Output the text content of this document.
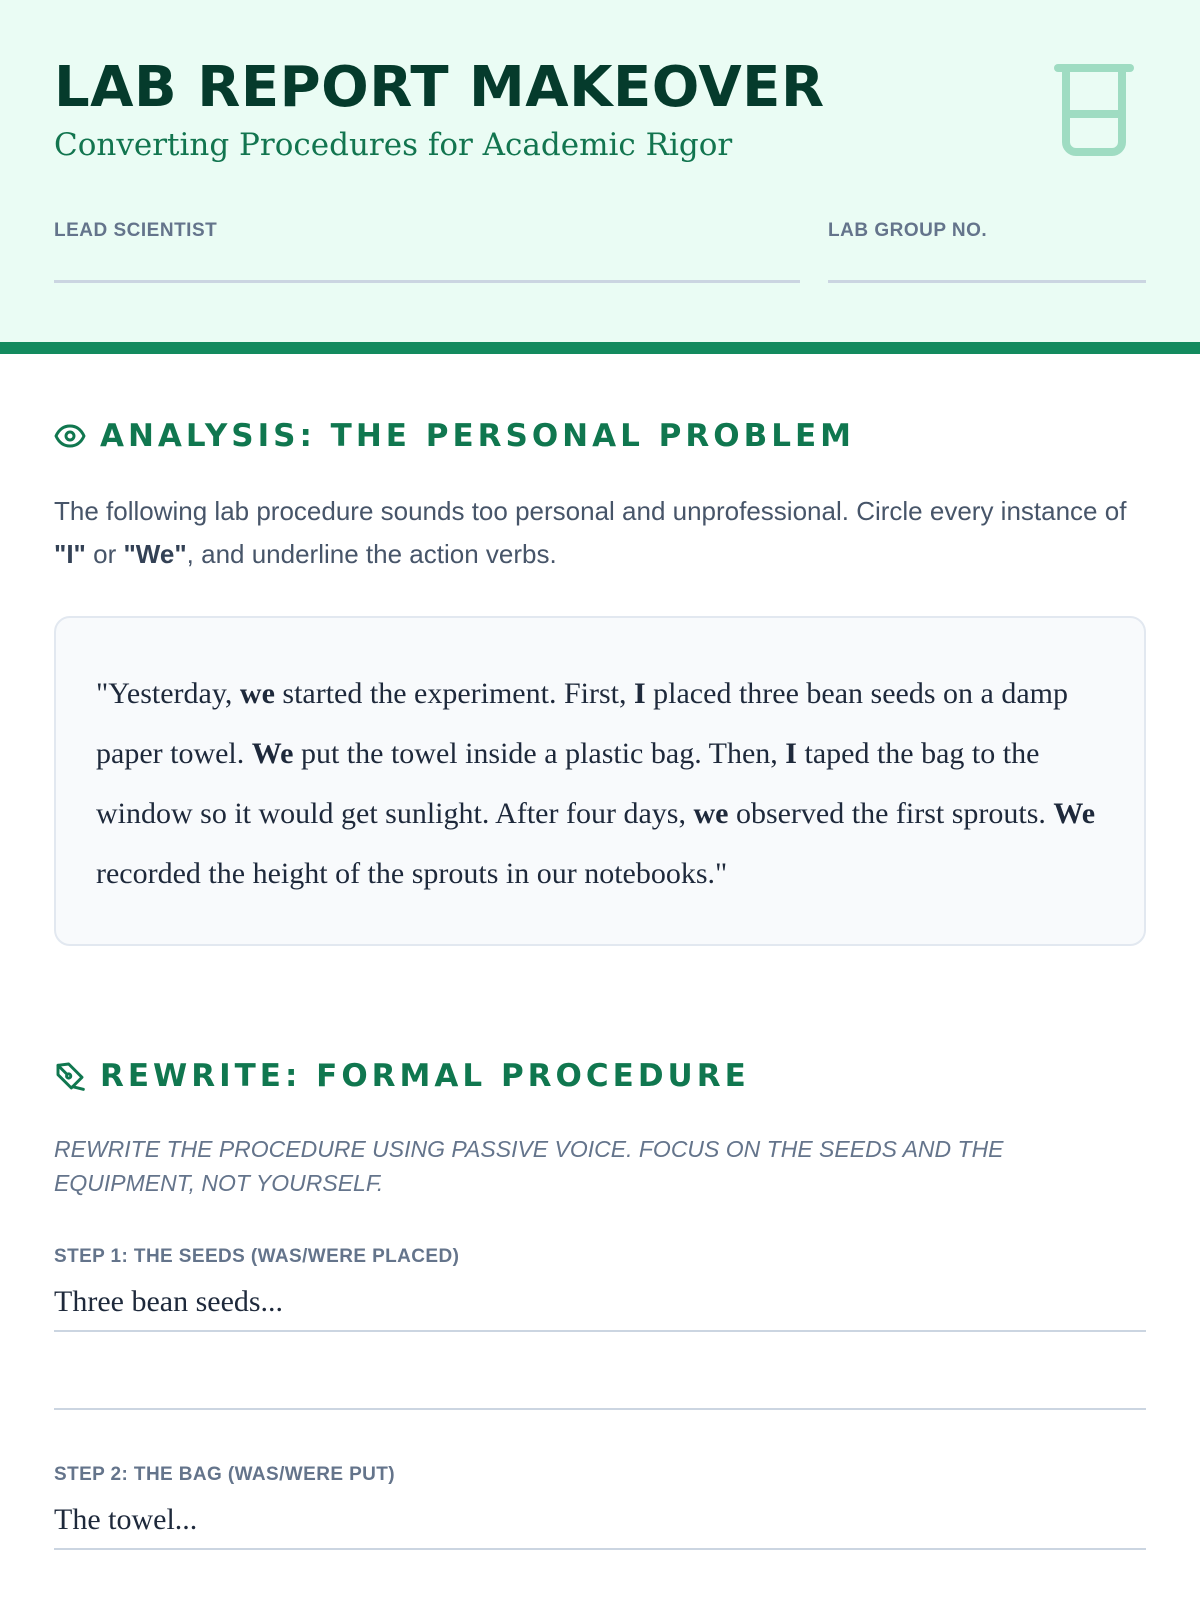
LAB REPORT MAKEOVER

Converting Procedures for Academic Rigor

LEAD SCIENTIST	LAB GROUP NO.
ANALYSIS: THE PERSONAL PROBLEM

The following lab procedure sounds too personal and unprofessional. Circle every instance of "I" or "We", and underline the action verbs.

"Yesterday, we started the experiment. First, I placed three bean seeds on a damp paper towel. We put the towel inside a plastic bag. Then, I taped the bag to the window so it would get sunlight. After four days, we observed the first sprouts. We recorded the height of the sprouts in our notebooks."
REWRITE: FORMAL PROCEDURE

REWRITE THE PROCEDURE USING PASSIVE VOICE. FOCUS ON THE SEEDS AND THE EQUIPMENT, NOT YOURSELF.

STEP 1: THE SEEDS (WAS/WERE PLACED)
Three bean seeds...
STEP 2: THE BAG (WAS/WERE PUT)
The towel...
